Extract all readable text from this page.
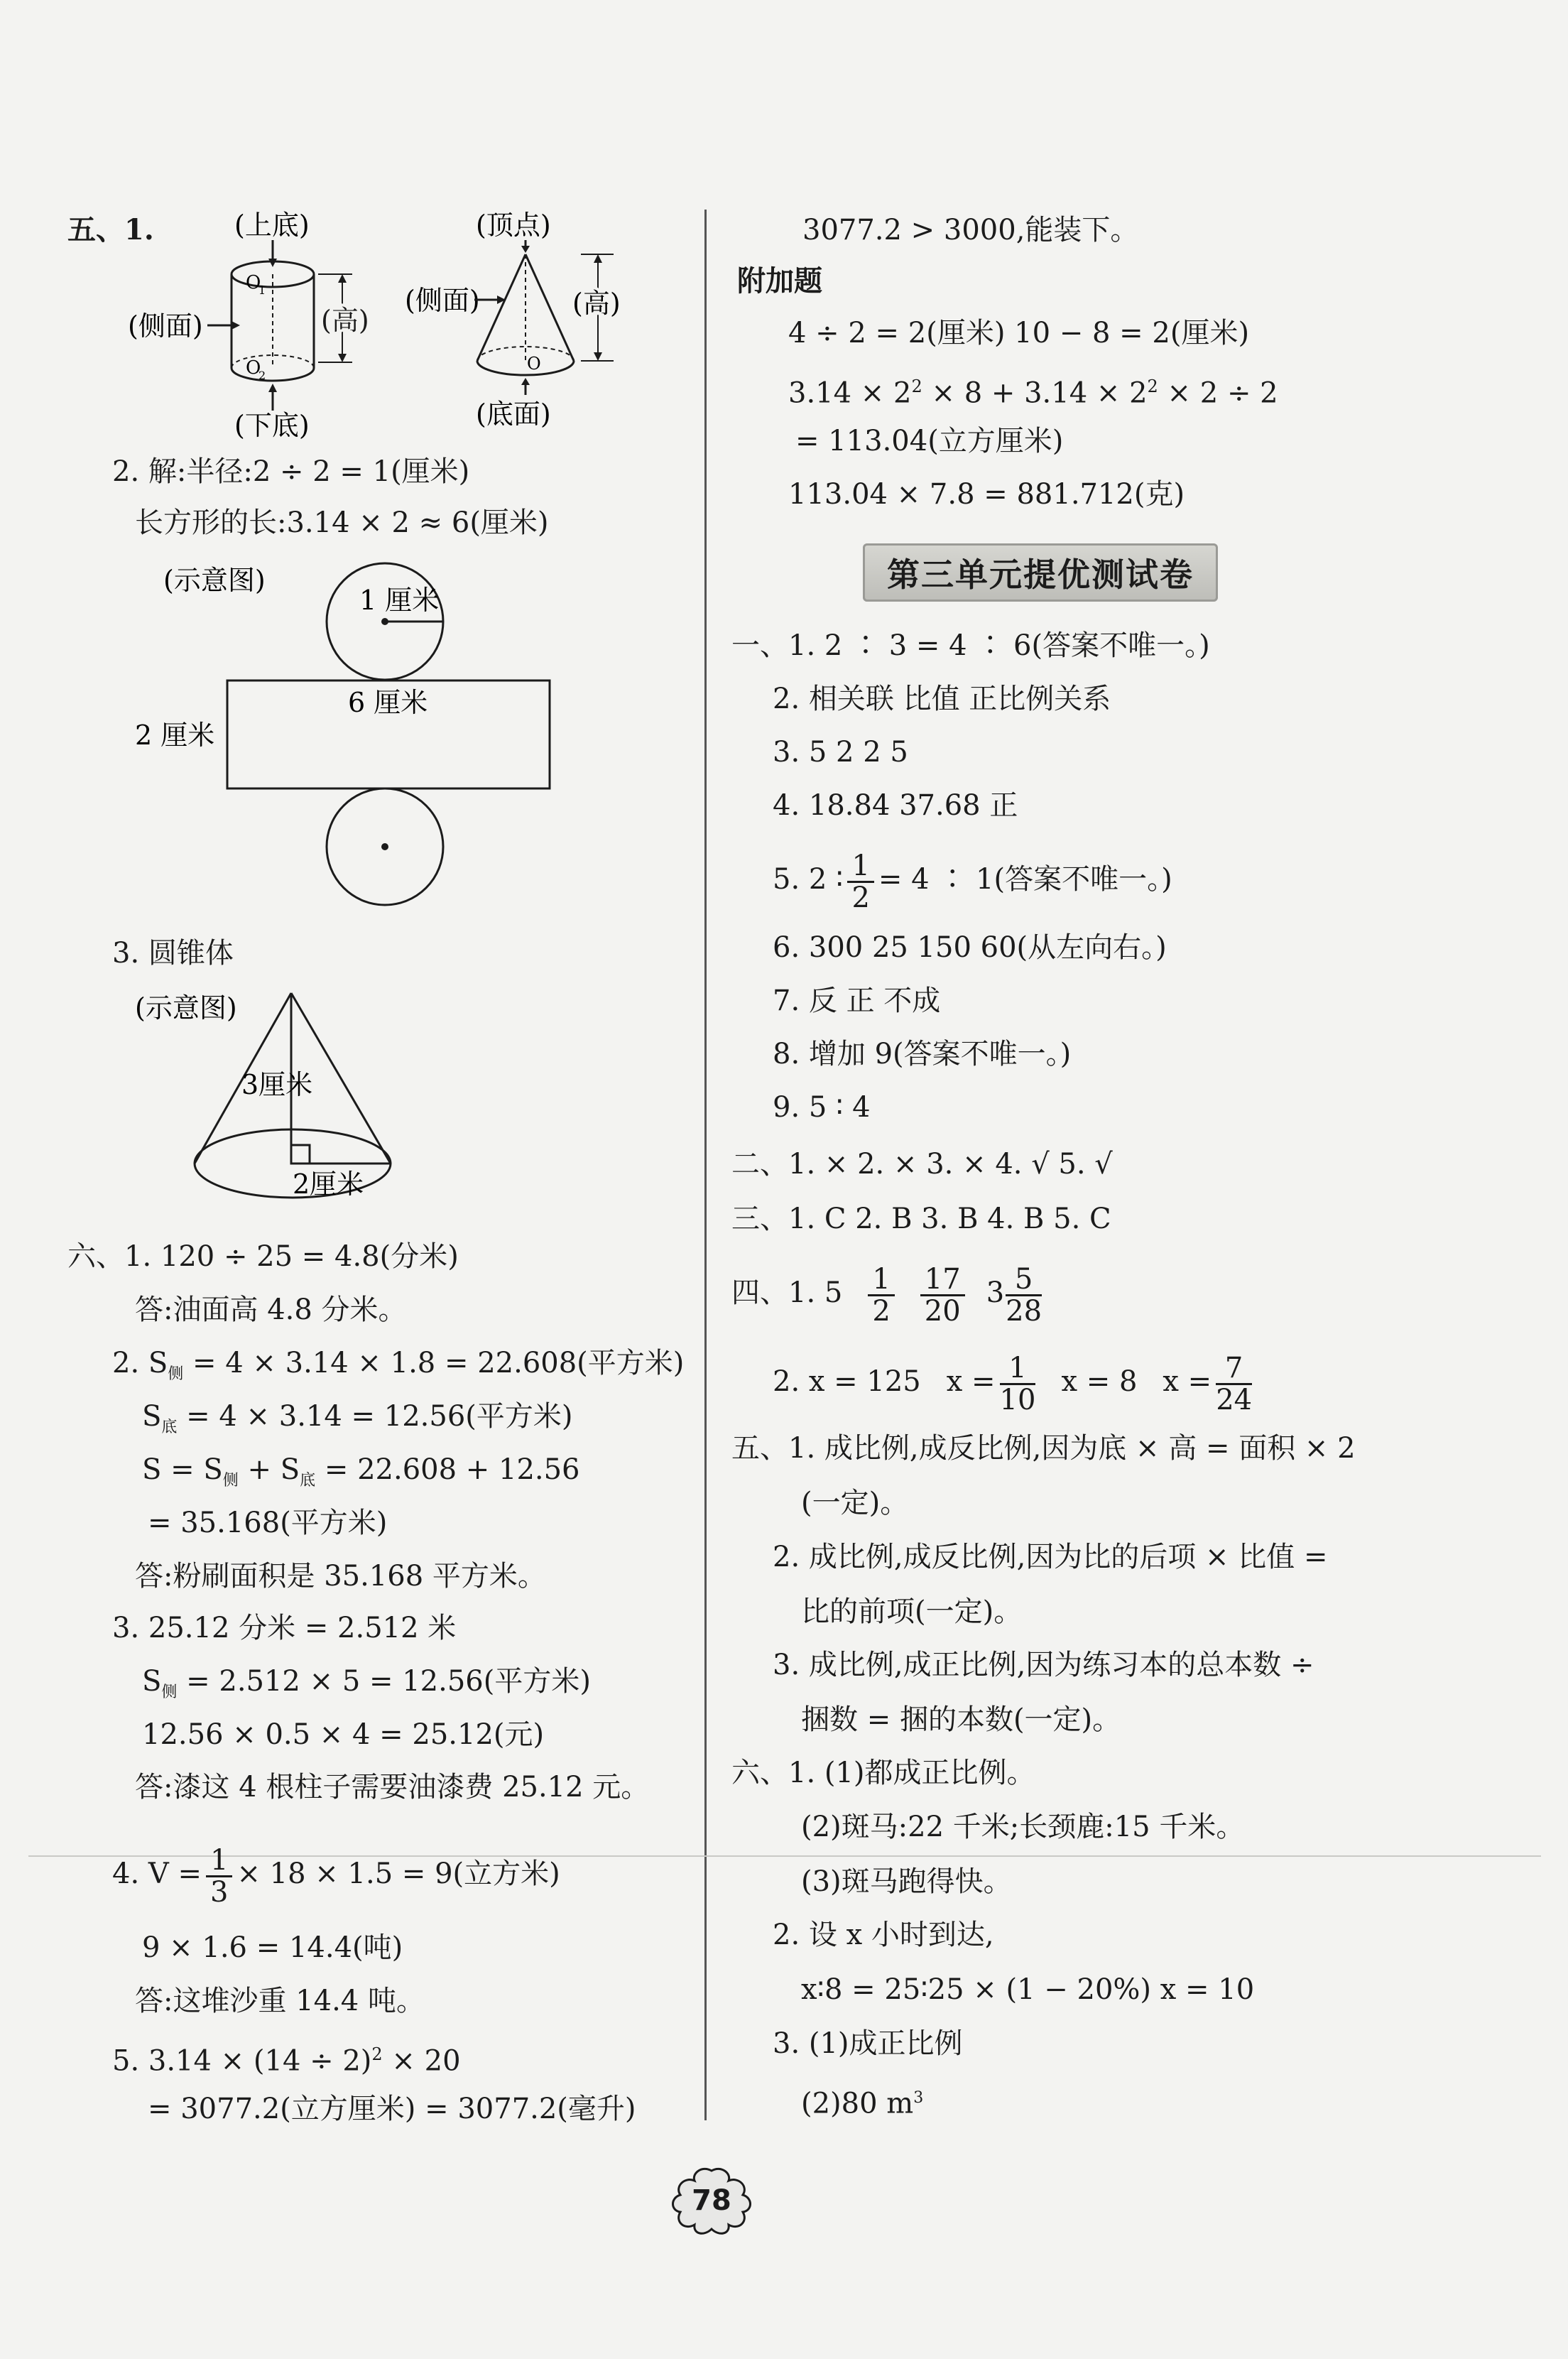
五、1.	(上底)
O
1
O
2
(侧面)	(高)
(下底)
(顶点)
O
(侧面)	(高)
(底面)
2. 解:半径:2 ÷ 2 = 1(厘米)
长方形的长:3.14 × 2 ≈ 6(厘米)
(示意图)
1 厘米
6 厘米
2 厘米
3. 圆锥体
(示意图)
3厘米
2厘米
六、1. 120 ÷ 25 = 4.8(分米)
答:油面高 4.8 分米。
2. $S_侧 = 4 \times 3.14 \times 1.8 = 22.608$(平方米)
$S_底 = 4 \times 3.14 = 12.56$(平方米)
$S = S_侧 + S_底 = 22.608 + 12.56$
= 35.168(平方米)
答:粉刷面积是 35.168 平方米。
3. 25.12 分米 = 2.512 米
$S_侧 = 2.512 \times 5 = 12.56$(平方米)
12.56 × 0.5 × 4 = 25.12(元)
答:漆这 4 根柱子需要油漆费 25.12 元。
4. $V = \frac{1}{3} \times 18 \times 1.5 = 9$(立方米)
9 × 1.6 = 14.4(吨)
答:这堆沙重 14.4 吨。
5. $3.14 \times (14 \div 2)^2 \times 20$
= 3077.2(立方厘米) = 3077.2(毫升)
3077.2 > 3000,能装下。
附加题
4 ÷ 2 = 2(厘米) 10 − 8 = 2(厘米)
$3.14 \times 2^2 \times 8 + 3.14 \times 2^2 \times 2 \div 2$
= 113.04(立方厘米)
113.04 × 7.8 = 881.712(克)
第三单元提优测试卷
一、1. 2 ∶ 3 = 4 ∶ 6(答案不唯一。)
2. 相关联 比值 正比例关系
3. 5 2 2 5
4. 18.84 37.68 正
5. 2 ∶ $\frac{1}{2} = 4$ ∶ 1(答案不唯一。)
6. 300 25 150 60(从左向右。)
7. 反 正 不成
8. 增加 9(答案不唯一。)
9. 5 ∶ 4
二、1. × 2. × 3. × 4. √ 5. √
三、1. C 2. B 3. B 4. B 5. C
四、1. $5 \frac{1}{2} \frac{17}{20} 3 \frac{5}{28}$
2. x = 125 $x = \frac{1}{10}$ x = 8 $x = \frac{7}{24}$
五、1. 成比例,成反比例,因为底 × 高 = 面积 × 2
(一定)。
2. 成比例,成反比例,因为比的后项 × 比值 =
比的前项(一定)。
3. 成比例,成正比例,因为练习本的总本数 ÷
捆数 = 捆的本数(一定)。
六、1. (1)都成正比例。
(2)斑马:22 千米;长颈鹿:15 千米。
(3)斑马跑得快。
2. 设 x 小时到达,
x∶8 = 25∶25 × (1 − 20%) x = 10
3. (1)成正比例
(2)80 $m^3$
78
